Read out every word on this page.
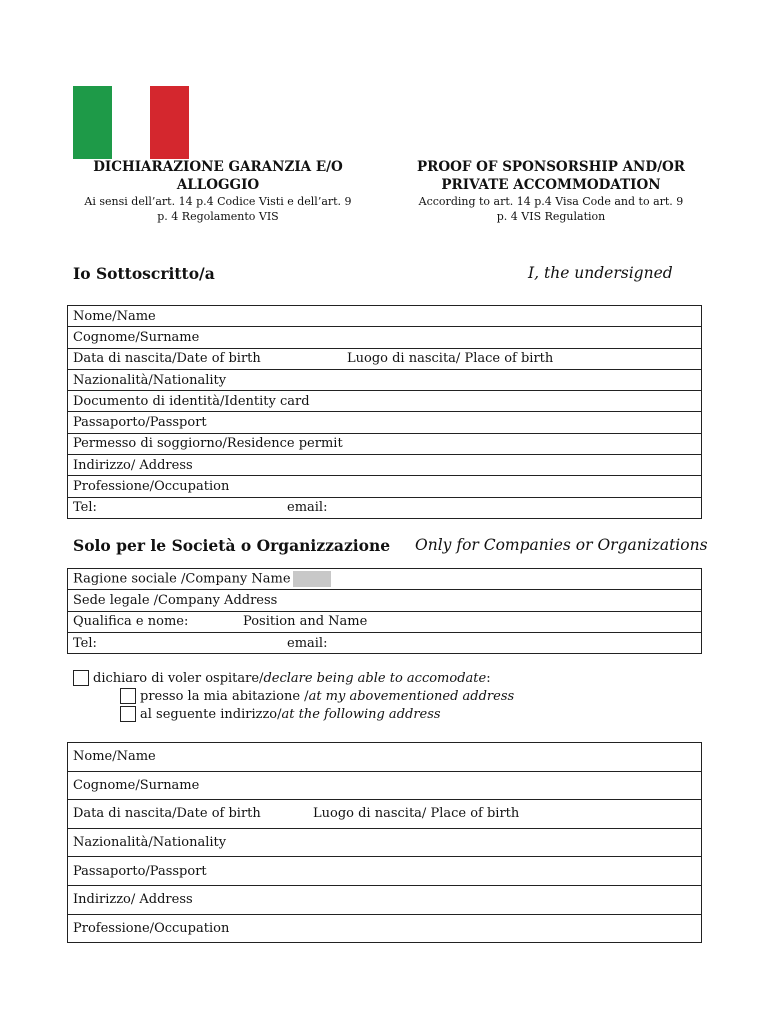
DICHIARAZIONE GARANZIA E/O
ALLOGGIO
Ai sensi dell’art. 14 p.4 Codice Visti e dell’art. 9
p. 4 Regolamento VIS
PROOF OF SPONSORSHIP AND/OR
PRIVATE ACCOMMODATION
According to art. 14 p.4 Visa Code and to art. 9
p. 4 VIS Regulation
Io Sottoscritto/a	I, the undersigned
Nome/Name
Cognome/Surname
Data di nascita/Date of birth	Luogo di nascita/ Place of birth
Nazionalità/Nationality
Documento di identità/Identity card
Passaporto/Passport
Permesso di soggiorno/Residence permit
Indirizzo/ Address
Professione/Occupation
Tel:	email:
Solo per le Società o Organizzazione Only for Companies or Organizations
Ragione sociale /Company Name
Sede legale /Company Address
Qualifica e nome:	Position and Name
Tel:	email:
dichiaro di voler ospitare/ declare being able to accomodate :
presso la mia abitazione / at my abovementioned address
al seguente indirizzo/ at the following address
Nome/Name
Cognome/Surname
Data di nascita/Date of birth	Luogo di nascita/ Place of birth
Nazionalità/Nationality
Passaporto/Passport
Indirizzo/ Address
Professione/Occupation
